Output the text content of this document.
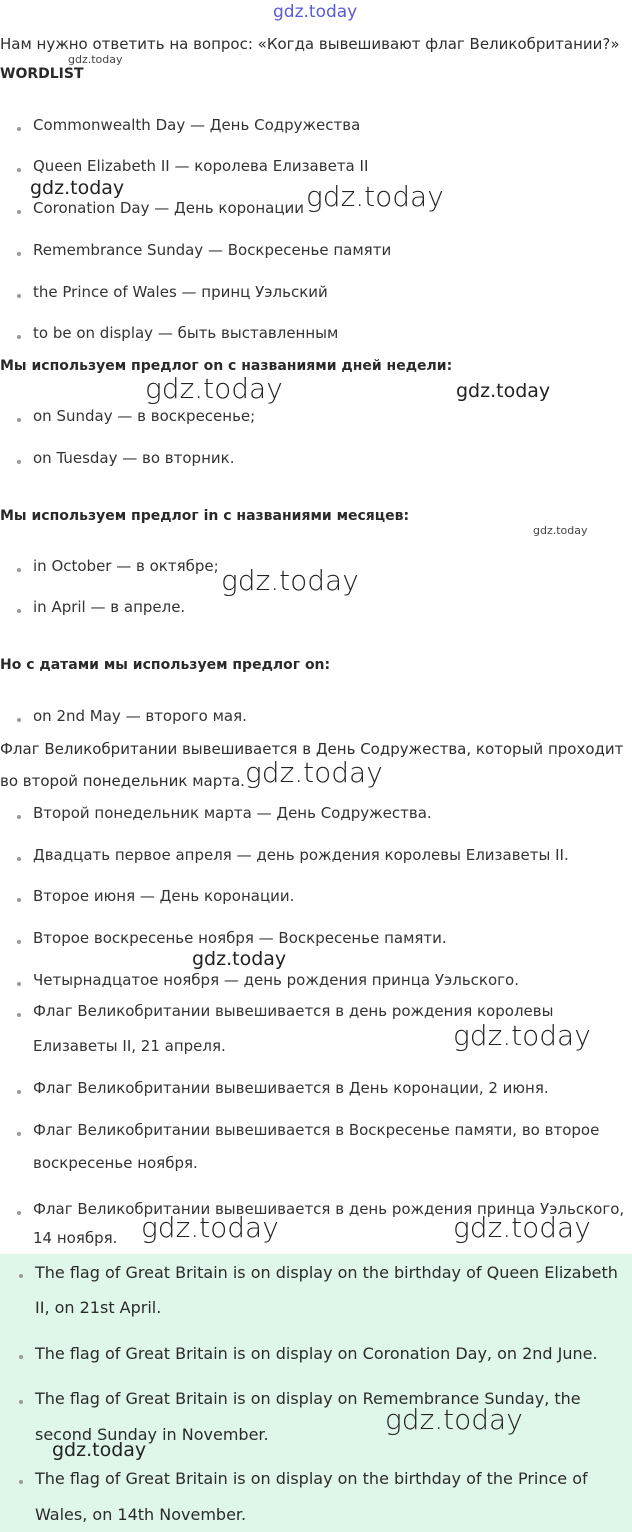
gdz.today
Нам нужно ответить на вопрос: «Когда вывешивают флаг Великобритании?»
WORDLIST
gdz.today
Commonwealth Day — День Содружества
Queen Elizabeth II — королева Елизавета II
Coronation Day — День коронации
Remembrance Sunday — Воскресенье памяти
the Prince of Wales — принц Уэльский
to be on display — быть выставленным
gdz.today	gdz.today
Мы используем предлог on с названиями дней недели:
gdz.today	gdz.today
on Sunday — в воскресенье;
on Tuesday — во вторник.
Мы используем предлог in с названиями месяцев:
gdz.today
in October — в октябре; gdz.today
in April — в апреле.
Но с датами мы используем предлог on:
on 2nd May — второго мая.
Флаг Великобритании вывешивается в День Содружества, который проходит
во второй понедельник марта. gdz.today
Второй понедельник марта — День Содружества.
Двадцать первое апреля — день рождения королевы Елизаветы II.
Второе июня — День коронации.
Второе воскресенье ноября — Воскресенье памяти.
Четырнадцатое ноября — день рождения принца Уэльского.
gdz.today
Флаг Великобритании вывешивается в день рождения королевы
Елизаветы II, 21 апреля.
Флаг Великобритании вывешивается в День коронации, 2 июня.
Флаг Великобритании вывешивается в Воскресенье памяти, во второе
воскресенье ноября.
Флаг Великобритании вывешивается в день рождения принца Уэльского,
14 ноября.
gdz.today
gdz.today	gdz.today
The flag of Great Britain is on display on the birthday of Queen Elizabeth
II, on 21st April.
The flag of Great Britain is on display on Coronation Day, on 2nd June.
The flag of Great Britain is on display on Remembrance Sunday, the
second Sunday in November.
The flag of Great Britain is on display on the birthday of the Prince of
Wales, on 14th November.
gdz.today
gdz.today
